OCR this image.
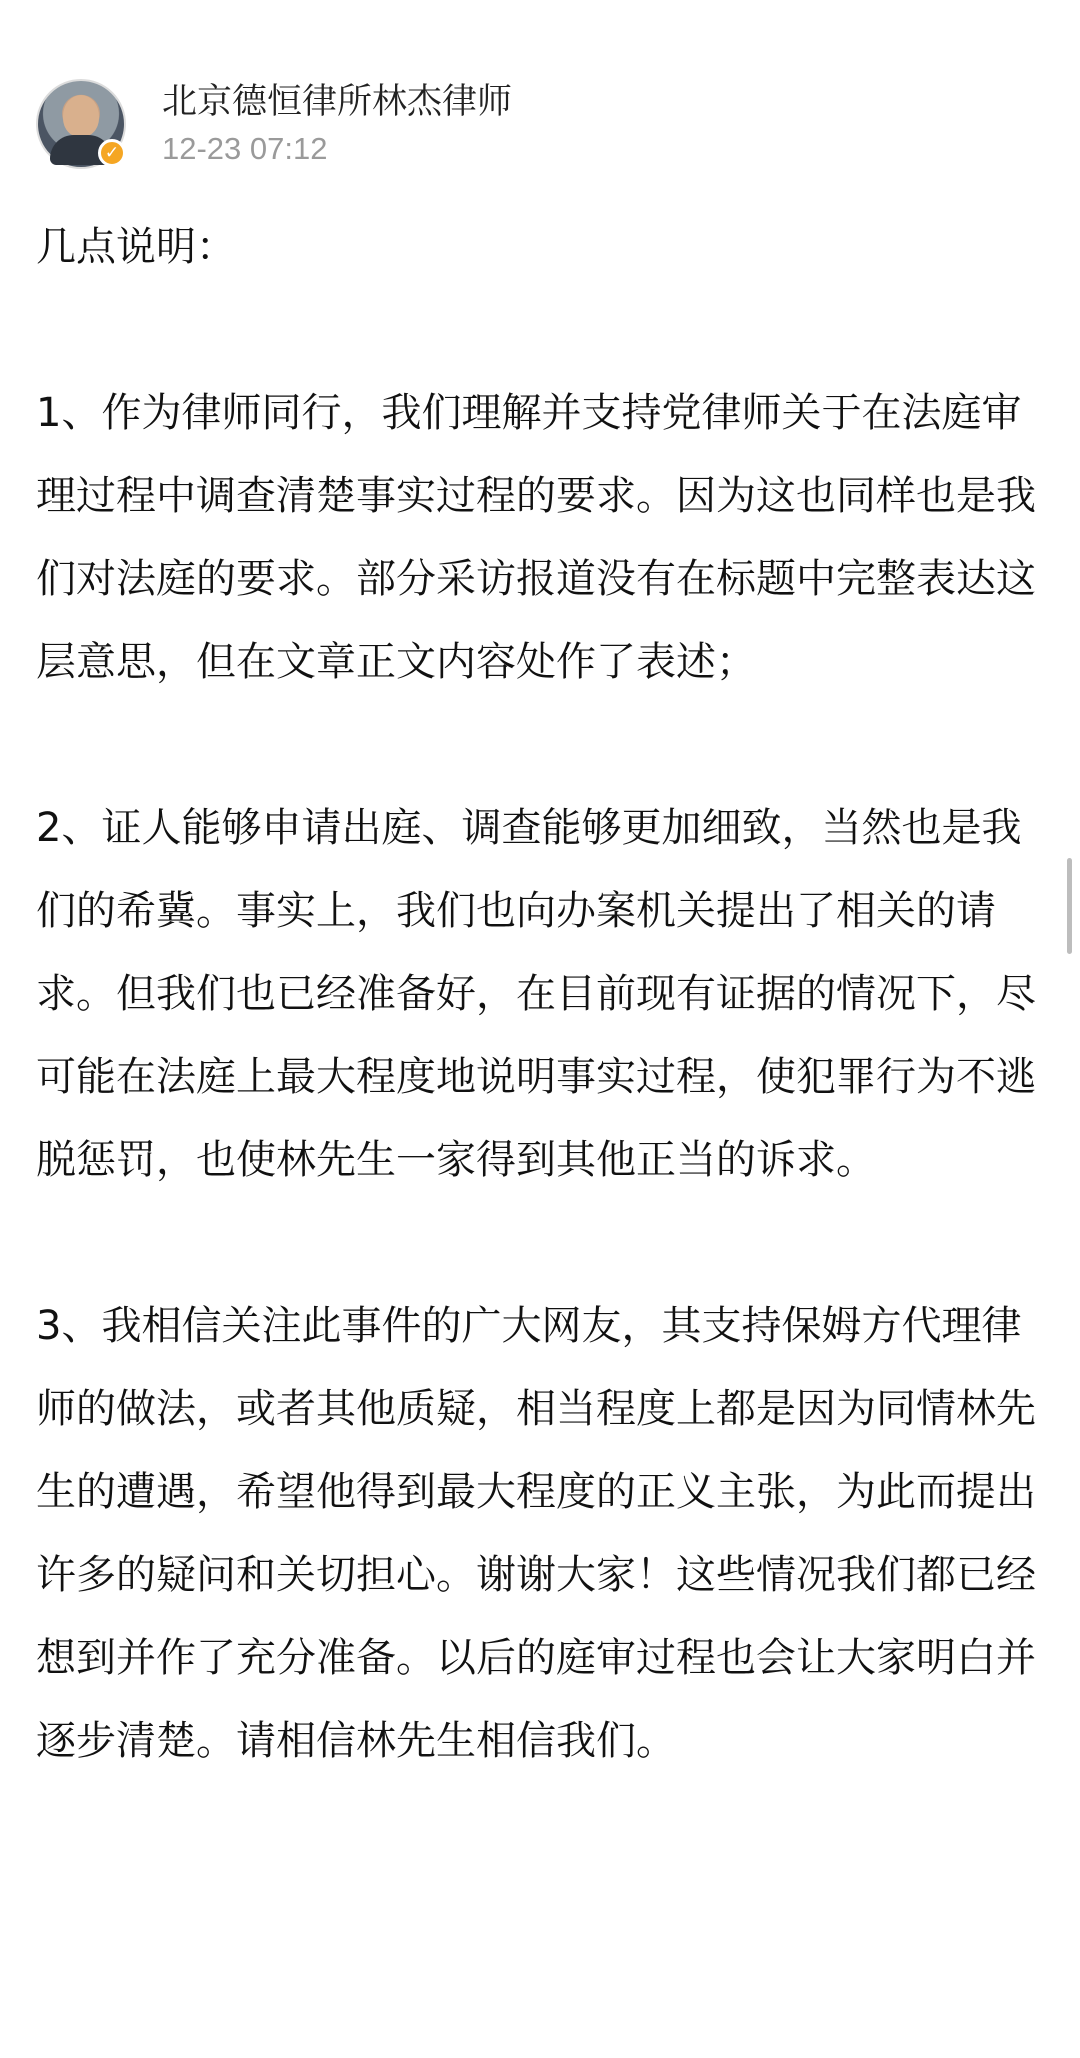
✓
北京德恒律所林杰律师
12-23 07:12

几点说明：

1、作为律师同行，我们理解并支持党律师关于在法庭审理过程中调查清楚事实过程的要求。因为这也同样也是我们对法庭的要求。部分采访报道没有在标题中完整表达这层意思，但在文章正文内容处作了表述；

2、证人能够申请出庭、调查能够更加细致，当然也是我们的希冀。事实上，我们也向办案机关提出了相关的请求。但我们也已经准备好，在目前现有证据的情况下，尽可能在法庭上最大程度地说明事实过程，使犯罪行为不逃脱惩罚，也使林先生一家得到其他正当的诉求。

3、我相信关注此事件的广大网友，其支持保姆方代理律师的做法，或者其他质疑，相当程度上都是因为同情林先生的遭遇，希望他得到最大程度的正义主张，为此而提出许多的疑问和关切担心。谢谢大家！这些情况我们都已经想到并作了充分准备。以后的庭审过程也会让大家明白并逐步清楚。请相信林先生相信我们。
